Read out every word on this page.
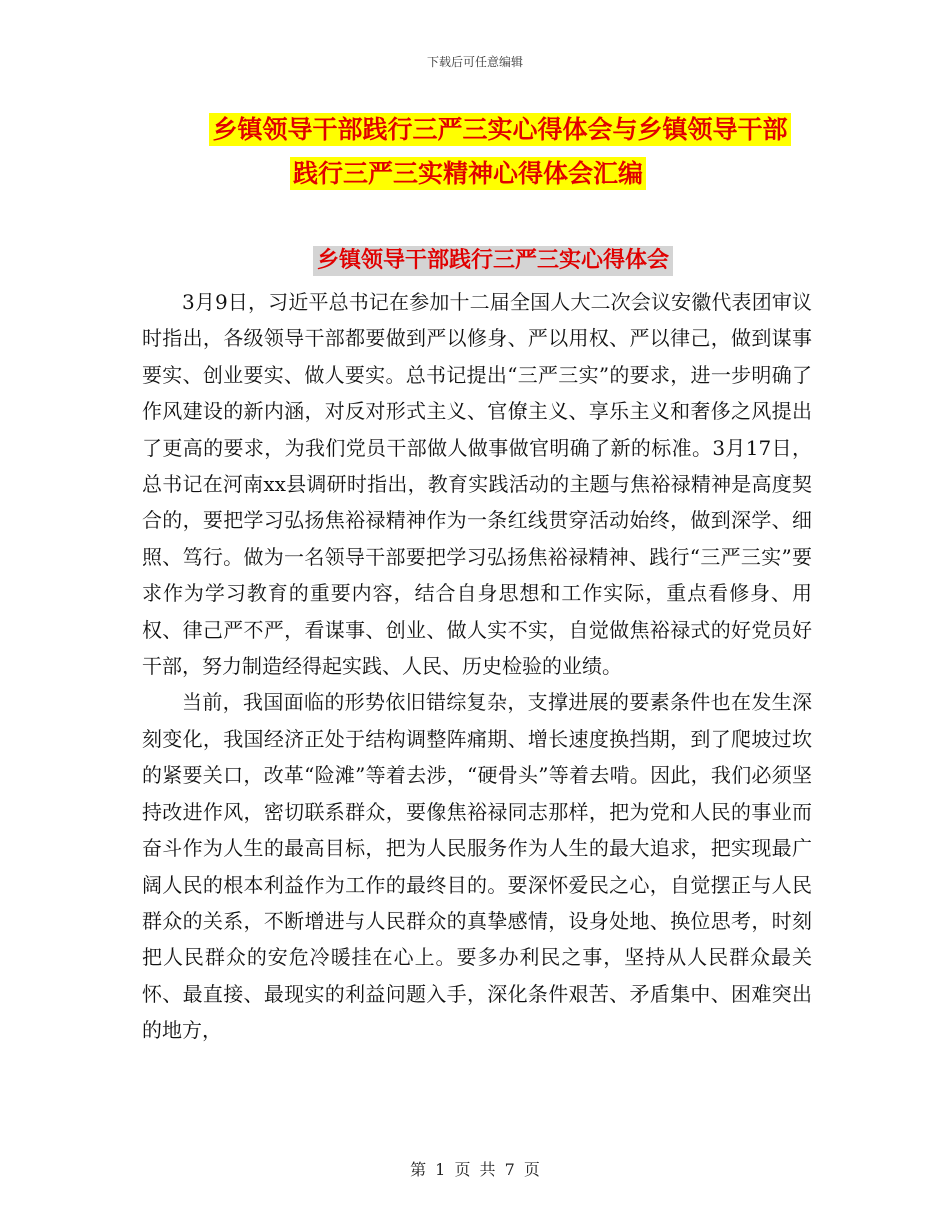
下载后可任意编辑
乡镇领导干部践行三严三实心得体会与乡镇领导干部
践行三严三实精神心得体会汇编
乡镇领导干部践行三严三实心得体会

3月9日，习近平总书记在参加十二届全国人大二次会议安徽代表团审议时指出，各级领导干部都要做到严以修身、严以用权、严以律己，做到谋事要实、创业要实、做人要实。总书记提出“三严三实”的要求，进一步明确了作风建设的新内涵，对反对形式主义、官僚主义、享乐主义和奢侈之风提出了更高的要求，为我们党员干部做人做事做官明确了新的标准。3月17日，总书记在河南xx县调研时指出，教育实践活动的主题与焦裕禄精神是高度契合的，要把学习弘扬焦裕禄精神作为一条红线贯穿活动始终，做到深学、细照、笃行。做为一名领导干部要把学习弘扬焦裕禄精神、践行“三严三实”要求作为学习教育的重要内容，结合自身思想和工作实际，重点看修身、用权、律己严不严，看谋事、创业、做人实不实，自觉做焦裕禄式的好党员好干部，努力制造经得起实践、人民、历史检验的业绩。

当前，我国面临的形势依旧错综复杂，支撑进展的要素条件也在发生深刻变化，我国经济正处于结构调整阵痛期、增长速度换挡期，到了爬坡过坎的紧要关口，改革“险滩”等着去涉，“硬骨头”等着去啃。因此，我们必须坚持改进作风，密切联系群众，要像焦裕禄同志那样，把为党和人民的事业而奋斗作为人生的最高目标，把为人民服务作为人生的最大追求，把实现最广阔人民的根本利益作为工作的最终目的。要深怀爱民之心，自觉摆正与人民群众的关系，不断增进与人民群众的真挚感情，设身处地、换位思考，时刻把人民群众的安危冷暖挂在心上。要多办利民之事，坚持从人民群众最关怀、最直接、最现实的利益问题入手，深化条件艰苦、矛盾集中、困难突出的地方，

第 1 页 共 7 页
